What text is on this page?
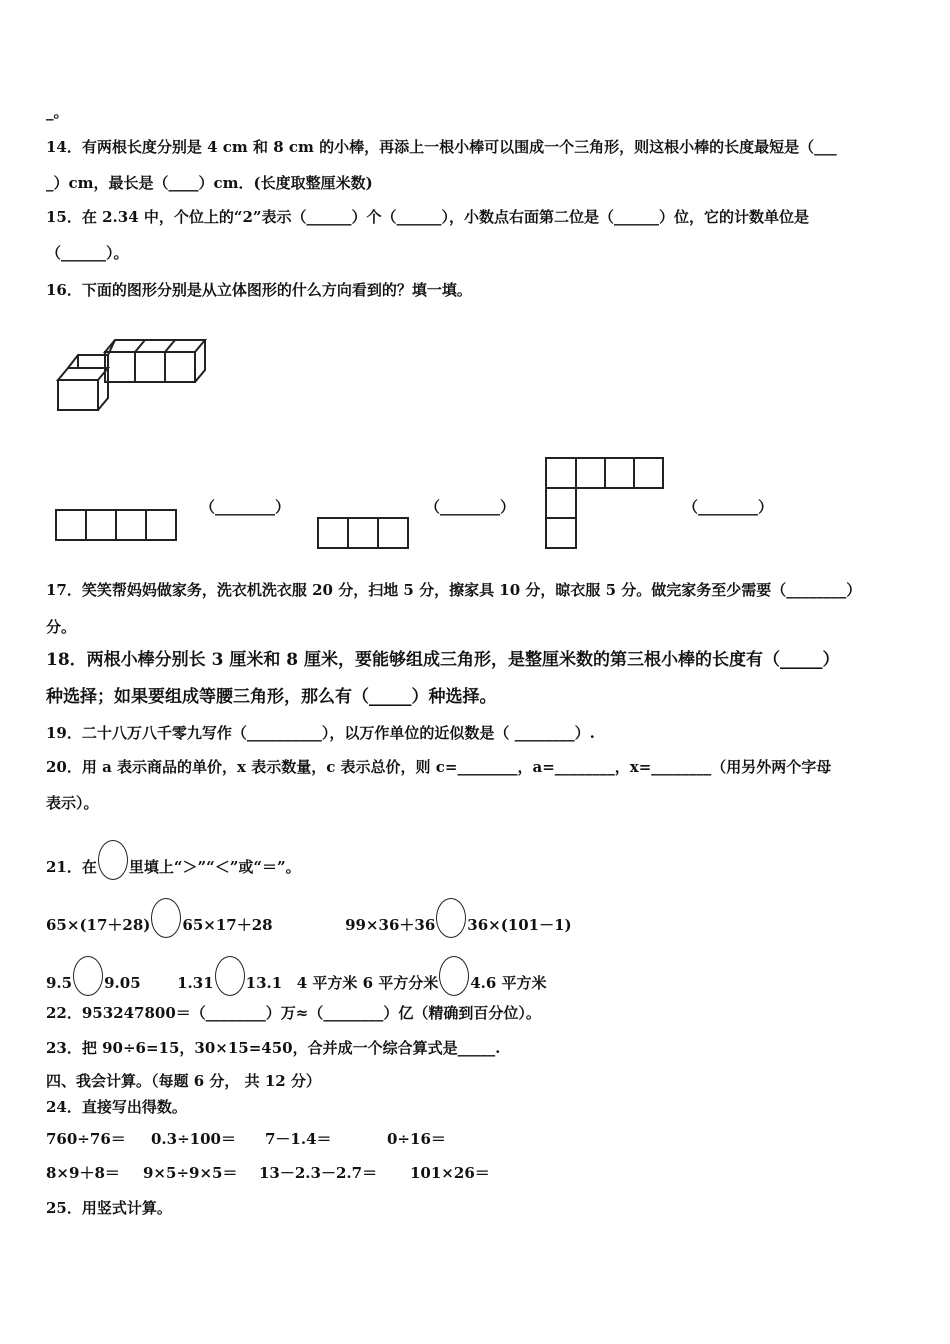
_。
14．有两根长度分别是 4 cm 和 8 cm 的小棒，再添上一根小棒可以围成一个三角形，则这根小棒的长度最短是（___
_）cm，最长是（____）cm．(长度取整厘米数)
15．在 2.34 中，个位上的“2”表示（______）个（______），小数点右面第二位是（______）位，它的计数单位是
（______）。
16．下面的图形分别是从立体图形的什么方向看到的？填一填。
（________）	（________）	（________）
17．笑笑帮妈妈做家务，洗衣机洗衣服 20 分，扫地 5 分，擦家具 10 分，晾衣服 5 分。做完家务至少需要（________）
分。
18．两根小棒分别长 3 厘米和 8 厘米，要能够组成三角形，是整厘米数的第三根小棒的长度有（_____）
种选择；如果要组成等腰三角形，那么有（_____）种选择。
19．二十八万八千零九写作（__________），以万作单位的近似数是（ ________）.
20．用 a 表示商品的单价，x 表示数量，c 表示总价，则 c=________，a=________，x=________（用另外两个字母
表示）。
21．在 里填上“＞”“＜”或“＝”。
65×(17＋28) 65×17＋28	99×36＋36 36×(101－1)
9.5 9.05 1.31 13.1 4 平方米 6 平方分米 4.6 平方米
22．953247800＝（________）万≈（________）亿（精确到百分位）。
23．把 90÷6=15，30×15=450，合并成一个综合算式是_____.
四、我会计算。（每题 6 分， 共 12 分）
24．直接写出得数。
760÷76＝ 0.3÷100＝ 7－1.4＝	0÷16＝
8×9＋8＝ 9×5÷9×5＝ 13－2.3－2.7＝ 101×26＝
25．用竖式计算。
